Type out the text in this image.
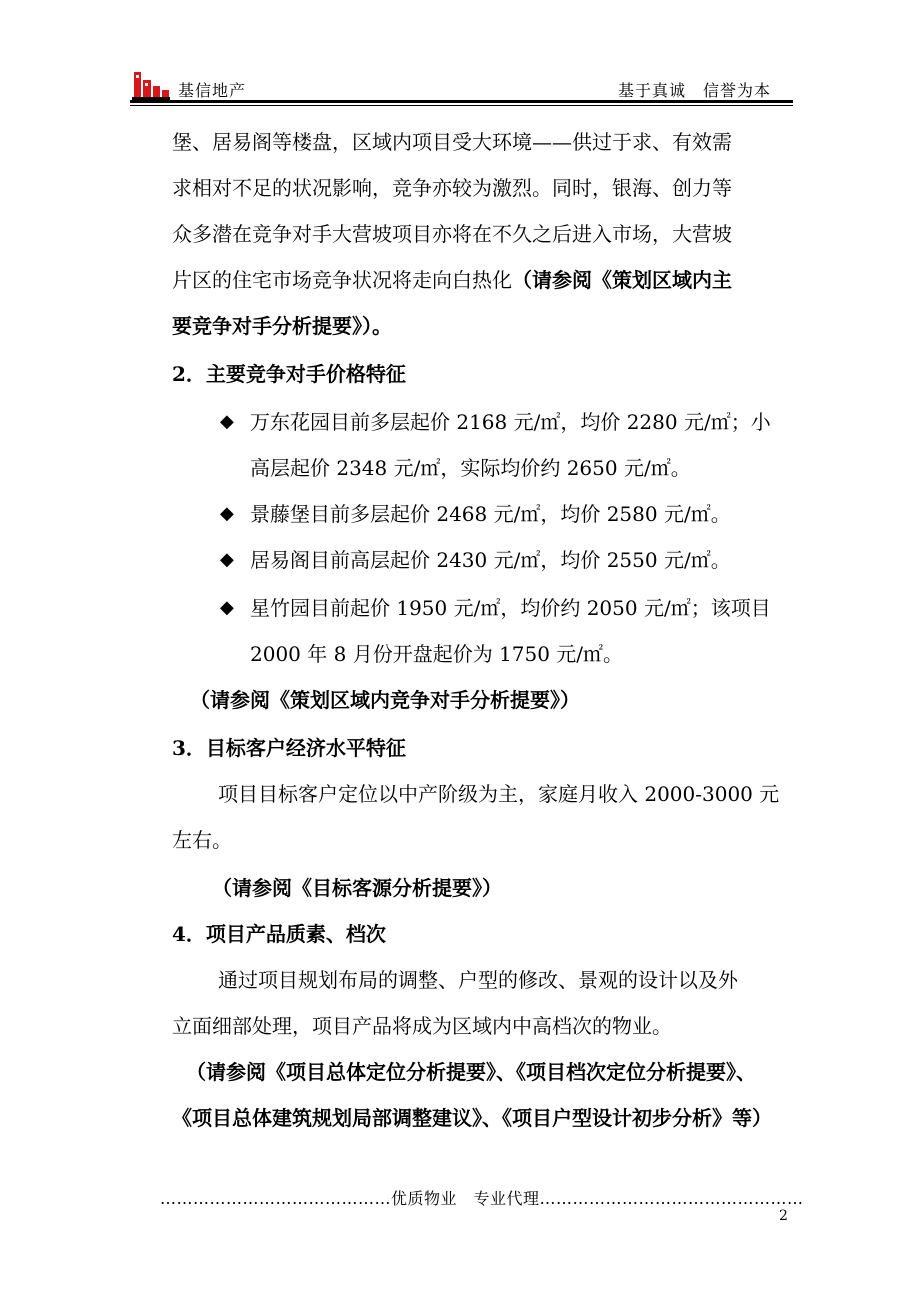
基信地产	基于真诚　信誉为本
堡、居易阁等楼盘，区域内项目受大环境——供过于求、有效需
求相对不足的状况影响，竞争亦较为激烈。同时，银海、创力等
众多潜在竞争对手大营坡项目亦将在不久之后进入市场，大营坡
片区的住宅市场竞争状况将走向白热化（请参阅《策划区域内主
要竞争对手分析提要》）。
2．主要竞争对手价格特征
◆ 万东花园目前多层起价 2168 元/㎡，均价 2280 元/㎡；小
高层起价 2348 元/㎡，实际均价约 2650 元/㎡。
◆ 景藤堡目前多层起价 2468 元/㎡，均价 2580 元/㎡。
◆ 居易阁目前高层起价 2430 元/㎡，均价 2550 元/㎡。
◆ 星竹园目前起价 1950 元/㎡，均价约 2050 元/㎡；该项目
2000 年 8 月份开盘起价为 1750 元/㎡。
（请参阅《策划区域内竞争对手分析提要》）
3．目标客户经济水平特征
项目目标客户定位以中产阶级为主，家庭月收入 2000-3000 元
左右。
（请参阅《目标客源分析提要》）
4．项目产品质素、档次
通过项目规划布局的调整、户型的修改、景观的设计以及外
立面细部处理，项目产品将成为区域内中高档次的物业。
（请参阅《项目总体定位分析提要》、《项目档次定位分析提要》、
《项目总体建筑规划局部调整建议》、《项目户型设计初步分析》等）
……………………………………优质物业　专业代理…………………………………………
2
